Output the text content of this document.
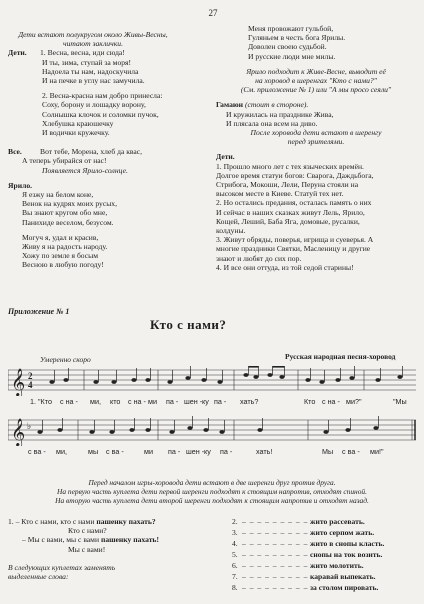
27
Дети встают полукругом около Живы-Весны,
читают заклички.
Дети. 1. Весна, весна, иди сюда!
И ты, зима, ступай за моря!
Надоела ты нам, надоскучила
И на печке в углу нас замучила.
2. Весна-красна нам добро принесла:
Соху, борону и лошадку ворону,
Солнышка клочок и соломки пучок,
Хлебушка краюшечку
И водички кружечку.
Все. Вот тебе, Морена, хлеб да квас,
А теперь убирайся от нас!
Появляется Ярило-солнце.
Ярило.
Я езжу на белом коне,
Венок на кудрях моих русых,
Вы знают кругом обо мне,
Панихиде веселом, безусом.
Могуч я, удал и красив,
Живу я на радость народу.
Хожу по земле я босым
Весною в любую погоду!
Меня провожают гульбой,
Гуляньем в честь бога Ярилы.
Доволен своею судьбой.
И русские люди мне милы.
Ярило подходит к Живе-Весне, выводит её
на хоровод в шеренгах "Кто с нами?"
(См. приложение № 1) или "А мы просо сеяли"
Гамаюн (стоит в стороне).
И кружилась на празднике Жива,
И плясала она всем на диво.
После хоровода дети встают в шеренгу
перед зрителями.
Дети.
1. Прошло много лет с тех языческих времён.
Долгое время статуи богов: Сварога, Даждьбога,
Стрибога, Мокоши, Лели, Перуна стояли на
высоком месте в Киеве. Статуй тех нет.
2. Но остались предания, осталась память о них
И сейчас в наших сказках живут Лель, Ярило,
Кощей, Леший, Баба Яга, домовые, русалки,
колдуны.
3. Живут обряды, поверья, игрища и суеверья. А
многие праздники Святки, Масленицу и другие
знают и любят до сих пор.
4. И все они оттуда, из той седой старины!
Приложение № 1
Кто с нами?
Умеренно скоро	Русская народная песня-хоровод
𝄞 2
4
1. "Кто с на - ми, кто с на - ми па - шен - ку па - хать?	Кто с на - ми?"	"Мы
𝄞 ♭
с ва - ми,	мы с ва -	ми па - шен - ку па -	хать!	Мы с ва - ми!"
Перед началом игры-хоровода дети встают в две шеренги друг против друга.
На первую часть куплета дети первой шеренги подходят к стоящим напротив, отходят спиной.
На вторую часть куплета дети второй шеренги подходят к стоящим напротив и отходят назад.
1. – Кто с нами, кто с нами пашенку пахать?
Кто с нами?
– Мы с вами, мы с вами пашенку пахать!
Мы с вами!
В следующих куплетах заменять
выделенные слова:
2. – – – – – – – – – жито рассевать.
3. – – – – – – – – – жито серпом жать.
4. – – – – – – – – – жито в снопы класть.
5. – – – – – – – – – снопы на ток возить.
6. – – – – – – – – – жито молотить.
7. – – – – – – – – – каравай выпекать.
8. – – – – – – – – – за столом пировать.
